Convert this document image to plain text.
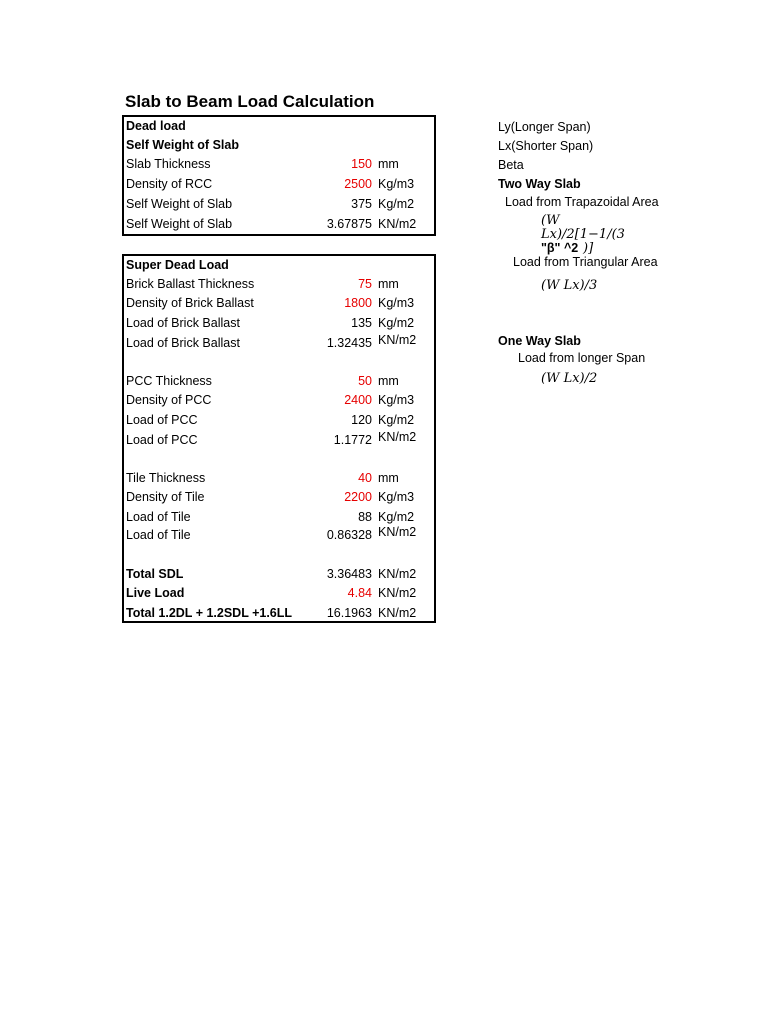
Slab to Beam Load Calculation
Dead load
Self Weight of Slab
Slab Thickness	150 mm
Density of RCC	2500 Kg/m3
Self Weight of Slab	375 Kg/m2
Self Weight of Slab	3.67875 KN/m2
Super Dead Load
Brick Ballast Thickness	75 mm
Density of Brick Ballast	1800 Kg/m3
Load of Brick Ballast	135 Kg/m2
Load of Brick Ballast	1.32435 KN/m2
PCC Thickness	50 mm
Density of PCC	2400 Kg/m3
Load of PCC	120 Kg/m2
Load of PCC	1.1772 KN/m2
Tile Thickness	40 mm
Density of Tile	2200 Kg/m3
Load of Tile	88 Kg/m2
Load of Tile	0.86328 KN/m2
Total SDL	3.36483 KN/m2
Live Load	4.84 KN/m2
Total 1.2DL + 1.2SDL +1.6LL	16.1963 KN/m2
Ly(Longer Span)
Lx(Shorter Span)
Beta
Two Way Slab
Load from Trapazoidal Area
(W
Lx)/2[1−1/(3
"β" ^2 )]
Load from Triangular Area
(W Lx)/3
One Way Slab
Load from longer Span
(W Lx)/2
